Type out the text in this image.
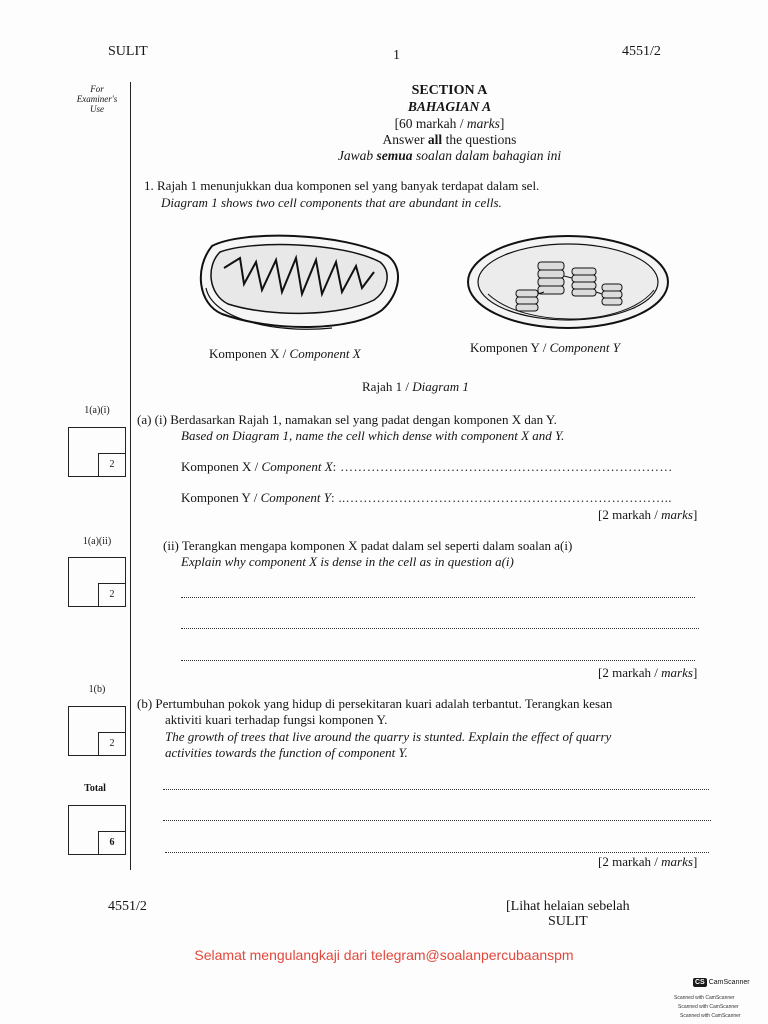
SULIT	1	4551/2
For
Examiner's
Use
SECTION A
BAHAGIAN A
[60 markah / marks]
Answer all the questions
Jawab semua soalan dalam bahagian ini
1. Rajah 1 menunjukkan dua komponen sel yang banyak terdapat dalam sel.
Diagram 1 shows two cell components that are abundant in cells.
Komponen X / Component X	Komponen Y / Component Y
Rajah 1 / Diagram 1
1(a)(i)
2
(a) (i) Berdasarkan Rajah 1, namakan sel yang padat dengan komponen X dan Y.
Based on Diagram 1, name the cell which dense with component X and Y.
Komponen X / Component X: …………………………………………………………………
Komponen Y / Component Y: ..………………………………………………………………..
[2 markah / marks]
1(a)(ii)
2
(ii) Terangkan mengapa komponen X padat dalam sel seperti dalam soalan a(i)
Explain why component X is dense in the cell as in question a(i)
[2 markah / marks]
1(b)
2
(b) Pertumbuhan pokok yang hidup di persekitaran kuari adalah terbantut. Terangkan kesan
aktiviti kuari terhadap fungsi komponen Y.
The growth of trees that live around the quarry is stunted. Explain the effect of quarry
activities towards the function of component Y.
[2 markah / marks]
Total
6
4551/2	[Lihat helaian sebelah
SULIT
Selamat mengulangkaji dari telegram@soalanpercubaanspm
CS CamScanner
Scanned with CamScanner
Scanned with CamScanner
Scanned with CamScanner
